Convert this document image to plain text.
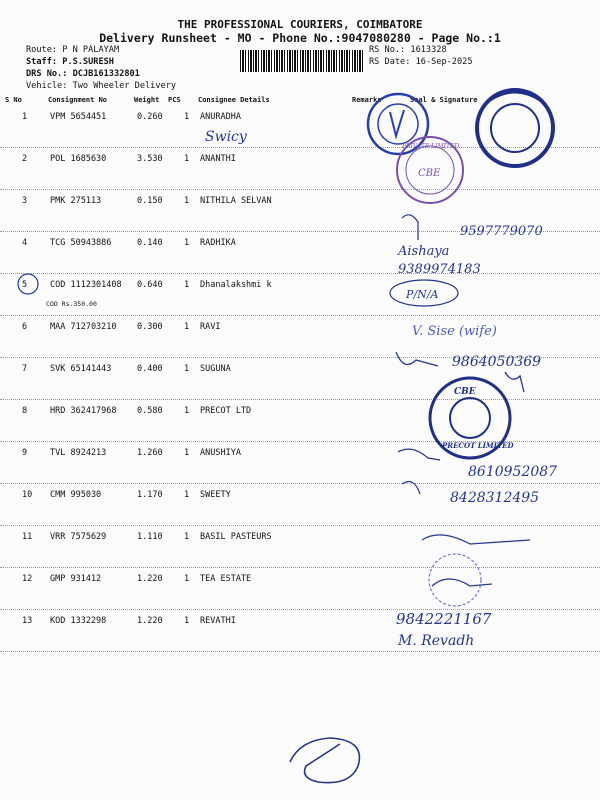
THE PROFESSIONAL COURIERS, COIMBATORE
Delivery Runsheet - MO - Phone No.:9047080280 - Page No.:1
Route: P N PALAYAM
Staff: P.S.SURESH
DRS No.: DCJB161332801
Vehicle: Two Wheeler Delivery
RS No.: 1613328
RS Date: 16-Sep-2025
S No	Consignment No	Weight PCS Consignee Details	Remarks	Seal & Signature
1	VPM 5654451	0.260	1 ANURADHA
2	POL 1685630	3.530	1 ANANTHI
3	PMK 275113	0.150	1 NITHILA SELVAN
4	TCG 50943886	0.140	1 RADHIKA
5	COD 1112301408 0.640	1 Dhanalakshmi k
COD Rs.350.00
6	MAA 712703210 0.300	1 RAVI
7	SVK 65141443	0.400	1 SUGUNA
8	HRD 362417968 0.580	1 PRECOT LTD
9	TVL 8924213	1.260	1 ANUSHIYA
10 CMM 995030	1.170	1 SWEETY
11 VRR 7575629	1.110	1 BASIL PASTEURS
12 GMP 931412	1.220	1 TEA ESTATE
13 KOD 1332298	1.220	1 REVATHI
CBE
PRIVATE LIMITED
CBE
PRECOT LIMITED
Swicy
9597779070
Aishaya
9389974183
P/N/A
V. Sise (wife)
9864050369
8610952087
8428312495
9842221167
M. Revadh
